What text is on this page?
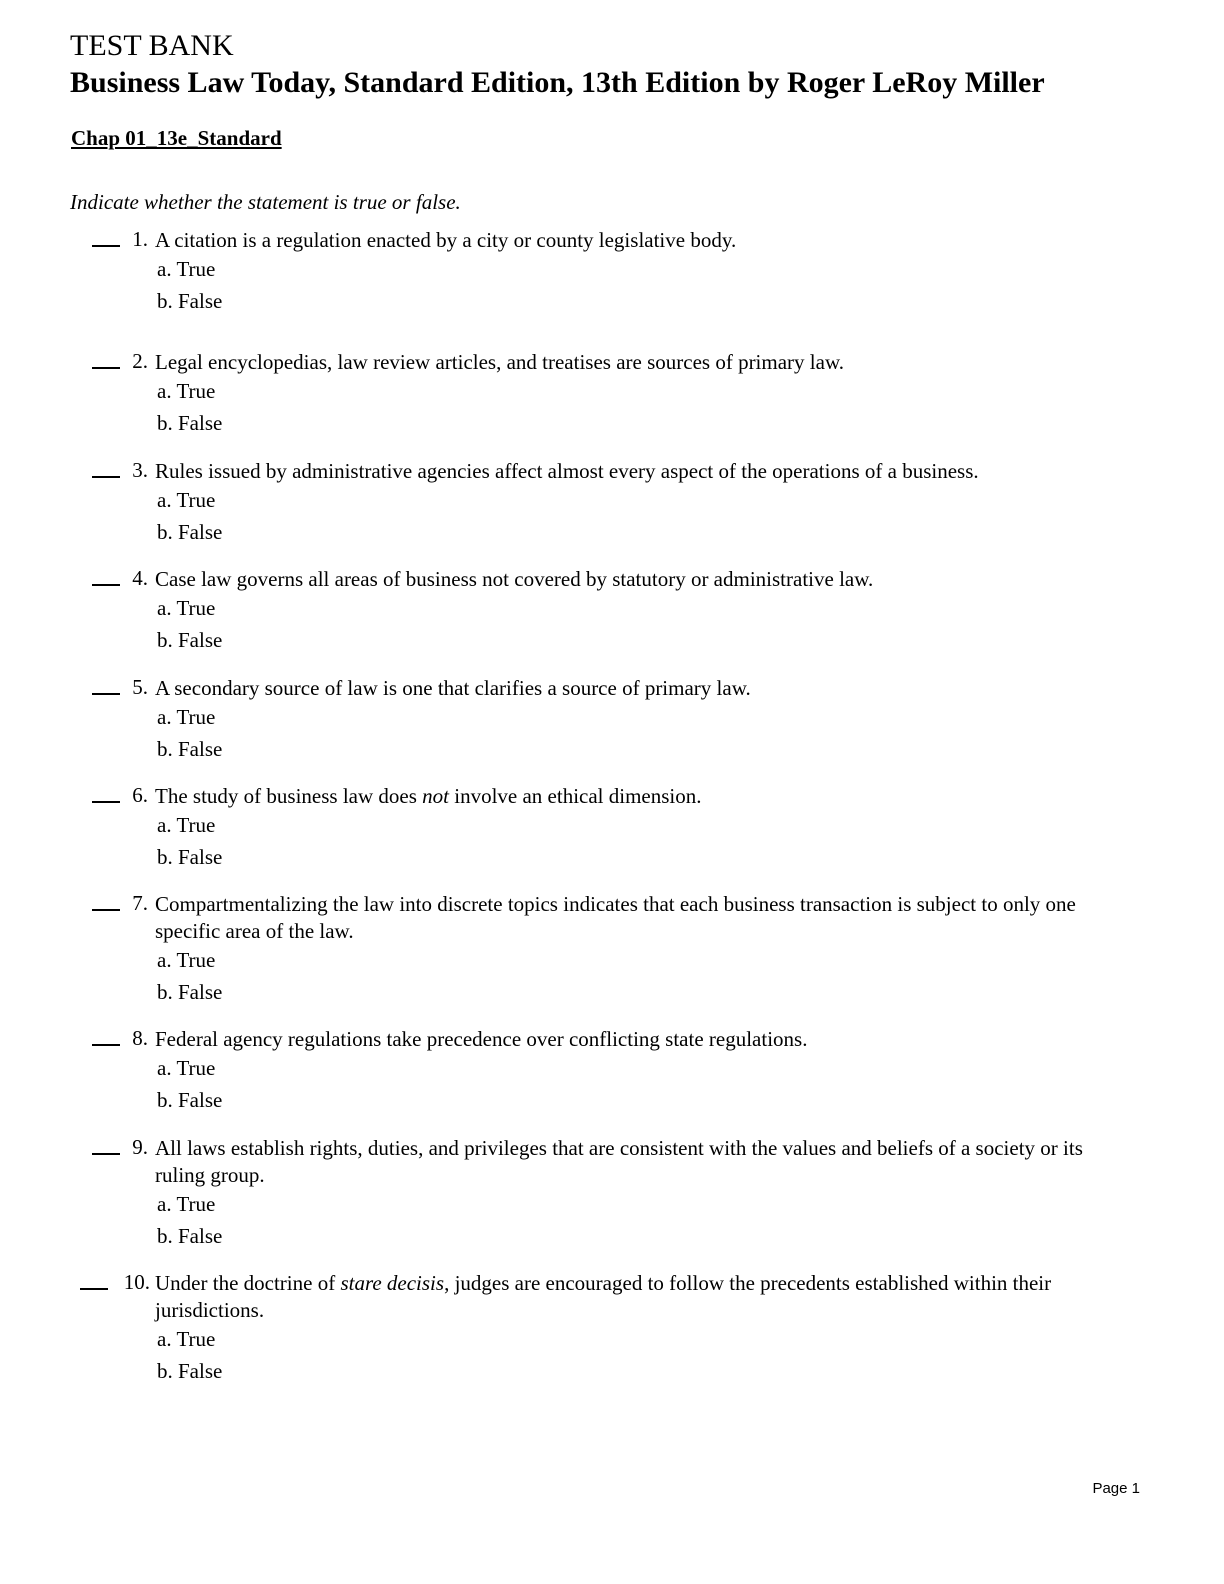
TEST BANK
Business Law Today, Standard Edition, 13th Edition by Roger LeRoy Miller
Chap 01_13e_Standard
Indicate whether the statement is true or false.
1. A citation is a regulation enacted by a city or county legislative body.
a. True
b. False
2. Legal encyclopedias, law review articles, and treatises are sources of primary law.
a. True
b. False
3. Rules issued by administrative agencies affect almost every aspect of the operations of a business.
a. True
b. False
4. Case law governs all areas of business not covered by statutory or administrative law.
a. True
b. False
5. A secondary source of law is one that clarifies a source of primary law.
a. True
b. False
6. The study of business law does not involve an ethical dimension.
a. True
b. False
7. Compartmentalizing the law into discrete topics indicates that each business transaction is subject to only one specific area of the law.
a. True
b. False
8. Federal agency regulations take precedence over conflicting state regulations.
a. True
b. False
9. All laws establish rights, duties, and privileges that are consistent with the values and beliefs of a society or its ruling group.
a. True
b. False
10. Under the doctrine of stare decisis, judges are encouraged to follow the precedents established within their jurisdictions.
a. True
b. False
Page 1
